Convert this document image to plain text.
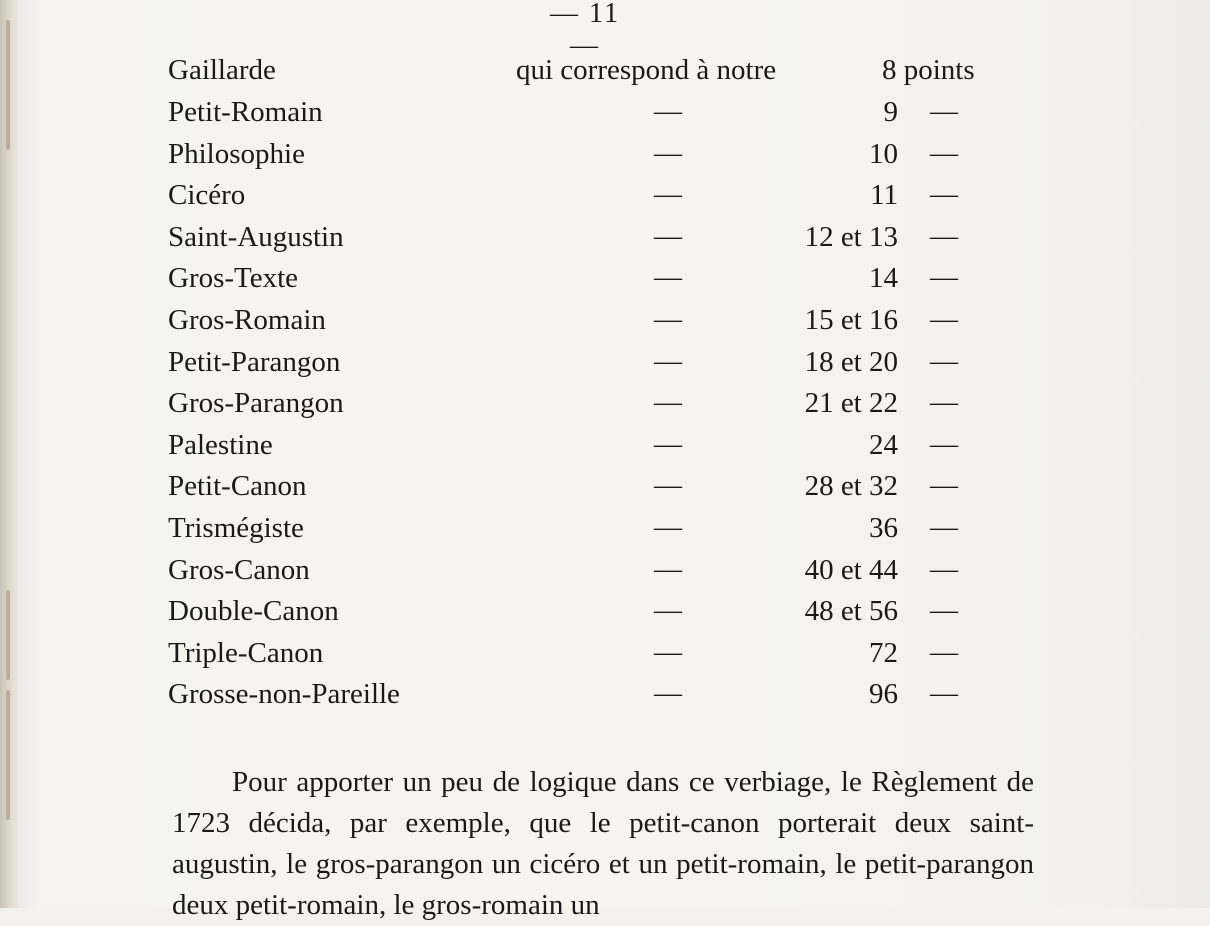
— 11 —
Gaillarde	qui correspond à notre	8 points
Petit-Romain	—	9 —
Philosophie	—	10 —
Cicéro	—	11 —
Saint-Augustin	—	12 et 13 —
Gros-Texte	—	14 —
Gros-Romain	—	15 et 16 —
Petit-Parangon	—	18 et 20 —
Gros-Parangon	—	21 et 22 —
Palestine	—	24 —
Petit-Canon	—	28 et 32 —
Trismégiste	—	36 —
Gros-Canon	—	40 et 44 —
Double-Canon	—	48 et 56 —
Triple-Canon	—	72 —
Grosse-non-Pareille	—	96 —

Pour apporter un peu de logique dans ce verbiage, le Règlement de 1723 décida, par exemple, que le petit-canon porterait deux saint-augustin, le gros-parangon un cicéro et un petit-romain, le petit-parangon deux petit-romain, le gros-romain un
